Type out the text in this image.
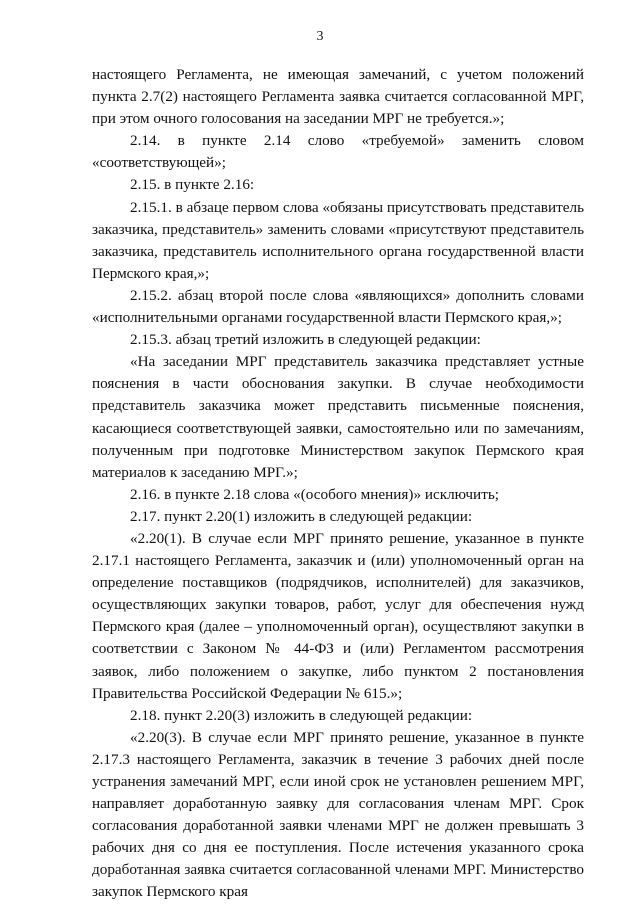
3

настоящего Регламента, не имеющая замечаний, с учетом положений пункта 2.7(2) настоящего Регламента заявка считается согласованной МРГ, при этом очного голосования на заседании МРГ не требуется.»;

2.14. в пункте 2.14 слово «требуемой» заменить словом «соответствующей»;

2.15. в пункте 2.16:

2.15.1. в абзаце первом слова «обязаны присутствовать представитель заказчика, представитель» заменить словами «присутствуют представитель заказчика, представитель исполнительного органа государственной власти Пермского края,»;

2.15.2. абзац второй после слова «являющихся» дополнить словами «исполнительными органами государственной власти Пермского края,»;

2.15.3. абзац третий изложить в следующей редакции:

«На заседании МРГ представитель заказчика представляет устные пояснения в части обоснования закупки. В случае необходимости представитель заказчика может представить письменные пояснения, касающиеся соответствующей заявки, самостоятельно или по замечаниям, полученным при подготовке Министерством закупок Пермского края материалов к заседанию МРГ.»;

2.16. в пункте 2.18 слова «(особого мнения)» исключить;

2.17. пункт 2.20(1) изложить в следующей редакции:

«2.20(1). В случае если МРГ принято решение, указанное в пункте 2.17.1 настоящего Регламента, заказчик и (или) уполномоченный орган на определение поставщиков (подрядчиков, исполнителей) для заказчиков, осуществляющих закупки товаров, работ, услуг для обеспечения нужд Пермского края (далее – уполномоченный орган), осуществляют закупки в соответствии с Законом № 44-ФЗ и (или) Регламентом рассмотрения заявок, либо положением о закупке, либо пунктом 2 постановления Правительства Российской Федерации № 615.»;

2.18. пункт 2.20(3) изложить в следующей редакции:

«2.20(3). В случае если МРГ принято решение, указанное в пункте 2.17.3 настоящего Регламента, заказчик в течение 3 рабочих дней после устранения замечаний МРГ, если иной срок не установлен решением МРГ, направляет доработанную заявку для согласования членам МРГ. Срок согласования доработанной заявки членами МРГ не должен превышать 3 рабочих дня со дня ее поступления. После истечения указанного срока доработанная заявка считается согласованной членами МРГ. Министерство закупок Пермского края
